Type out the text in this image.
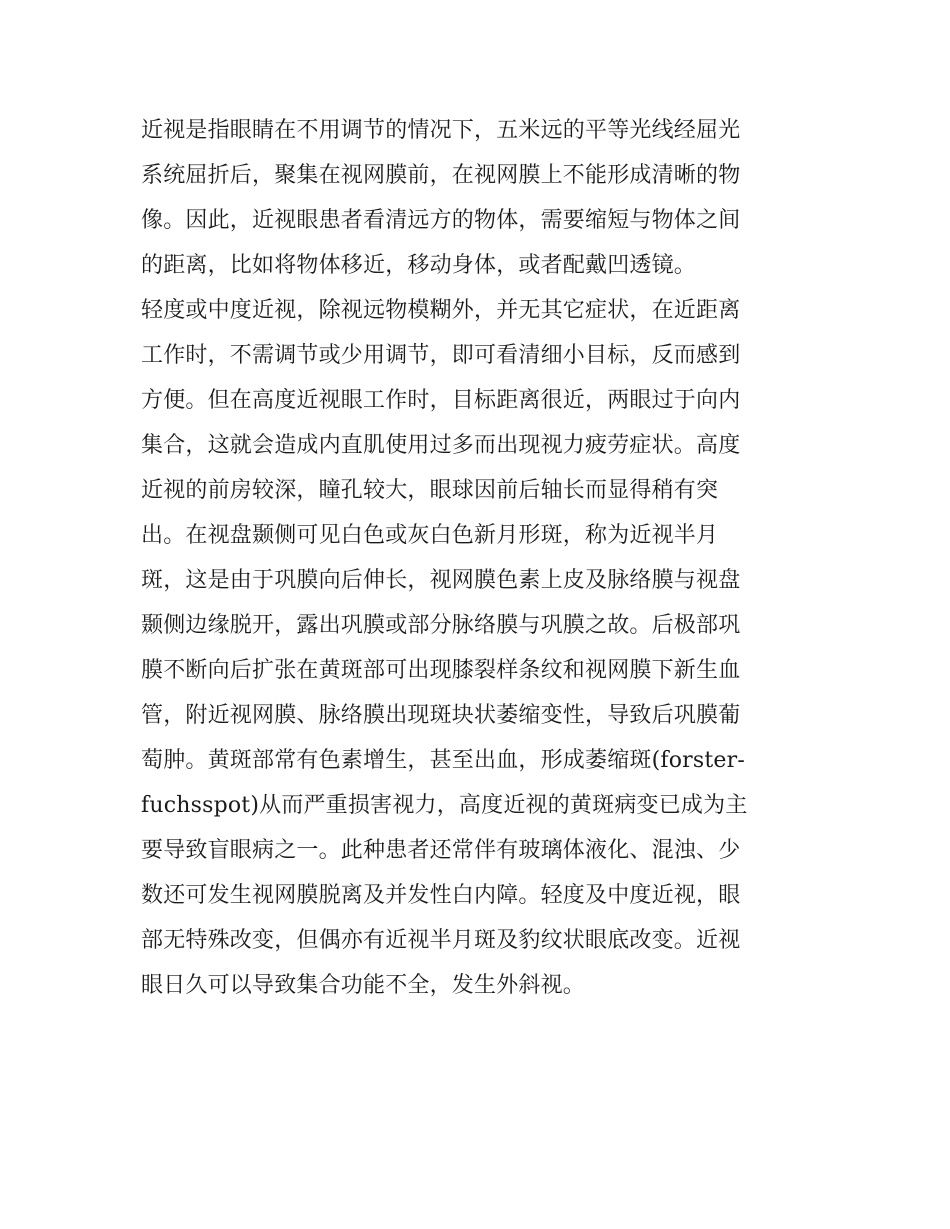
近视是指眼睛在不用调节的情况下，五米远的平等光线经屈光
系统屈折后，聚集在视网膜前，在视网膜上不能形成清晰的物
像。因此，近视眼患者看清远方的物体，需要缩短与物体之间
的距离，比如将物体移近，移动身体，或者配戴凹透镜。
轻度或中度近视，除视远物模糊外，并无其它症状，在近距离
工作时，不需调节或少用调节，即可看清细小目标，反而感到
方便。但在高度近视眼工作时，目标距离很近，两眼过于向内
集合，这就会造成内直肌使用过多而出现视力疲劳症状。高度
近视的前房较深，瞳孔较大，眼球因前后轴长而显得稍有突
出。在视盘颞侧可见白色或灰白色新月形斑，称为近视半月
斑，这是由于巩膜向后伸长，视网膜色素上皮及脉络膜与视盘
颞侧边缘脱开，露出巩膜或部分脉络膜与巩膜之故。后极部巩
膜不断向后扩张在黄斑部可出现膝裂样条纹和视网膜下新生血
管，附近视网膜、脉络膜出现斑块状萎缩变性，导致后巩膜葡
萄肿。黄斑部常有色素增生，甚至出血，形成萎缩斑(forster-
fuchsspot)从而严重损害视力，高度近视的黄斑病变已成为主
要导致盲眼病之一。此种患者还常伴有玻璃体液化、混浊、少
数还可发生视网膜脱离及并发性白内障。轻度及中度近视，眼
部无特殊改变，但偶亦有近视半月斑及豹纹状眼底改变。近视
眼日久可以导致集合功能不全，发生外斜视。
